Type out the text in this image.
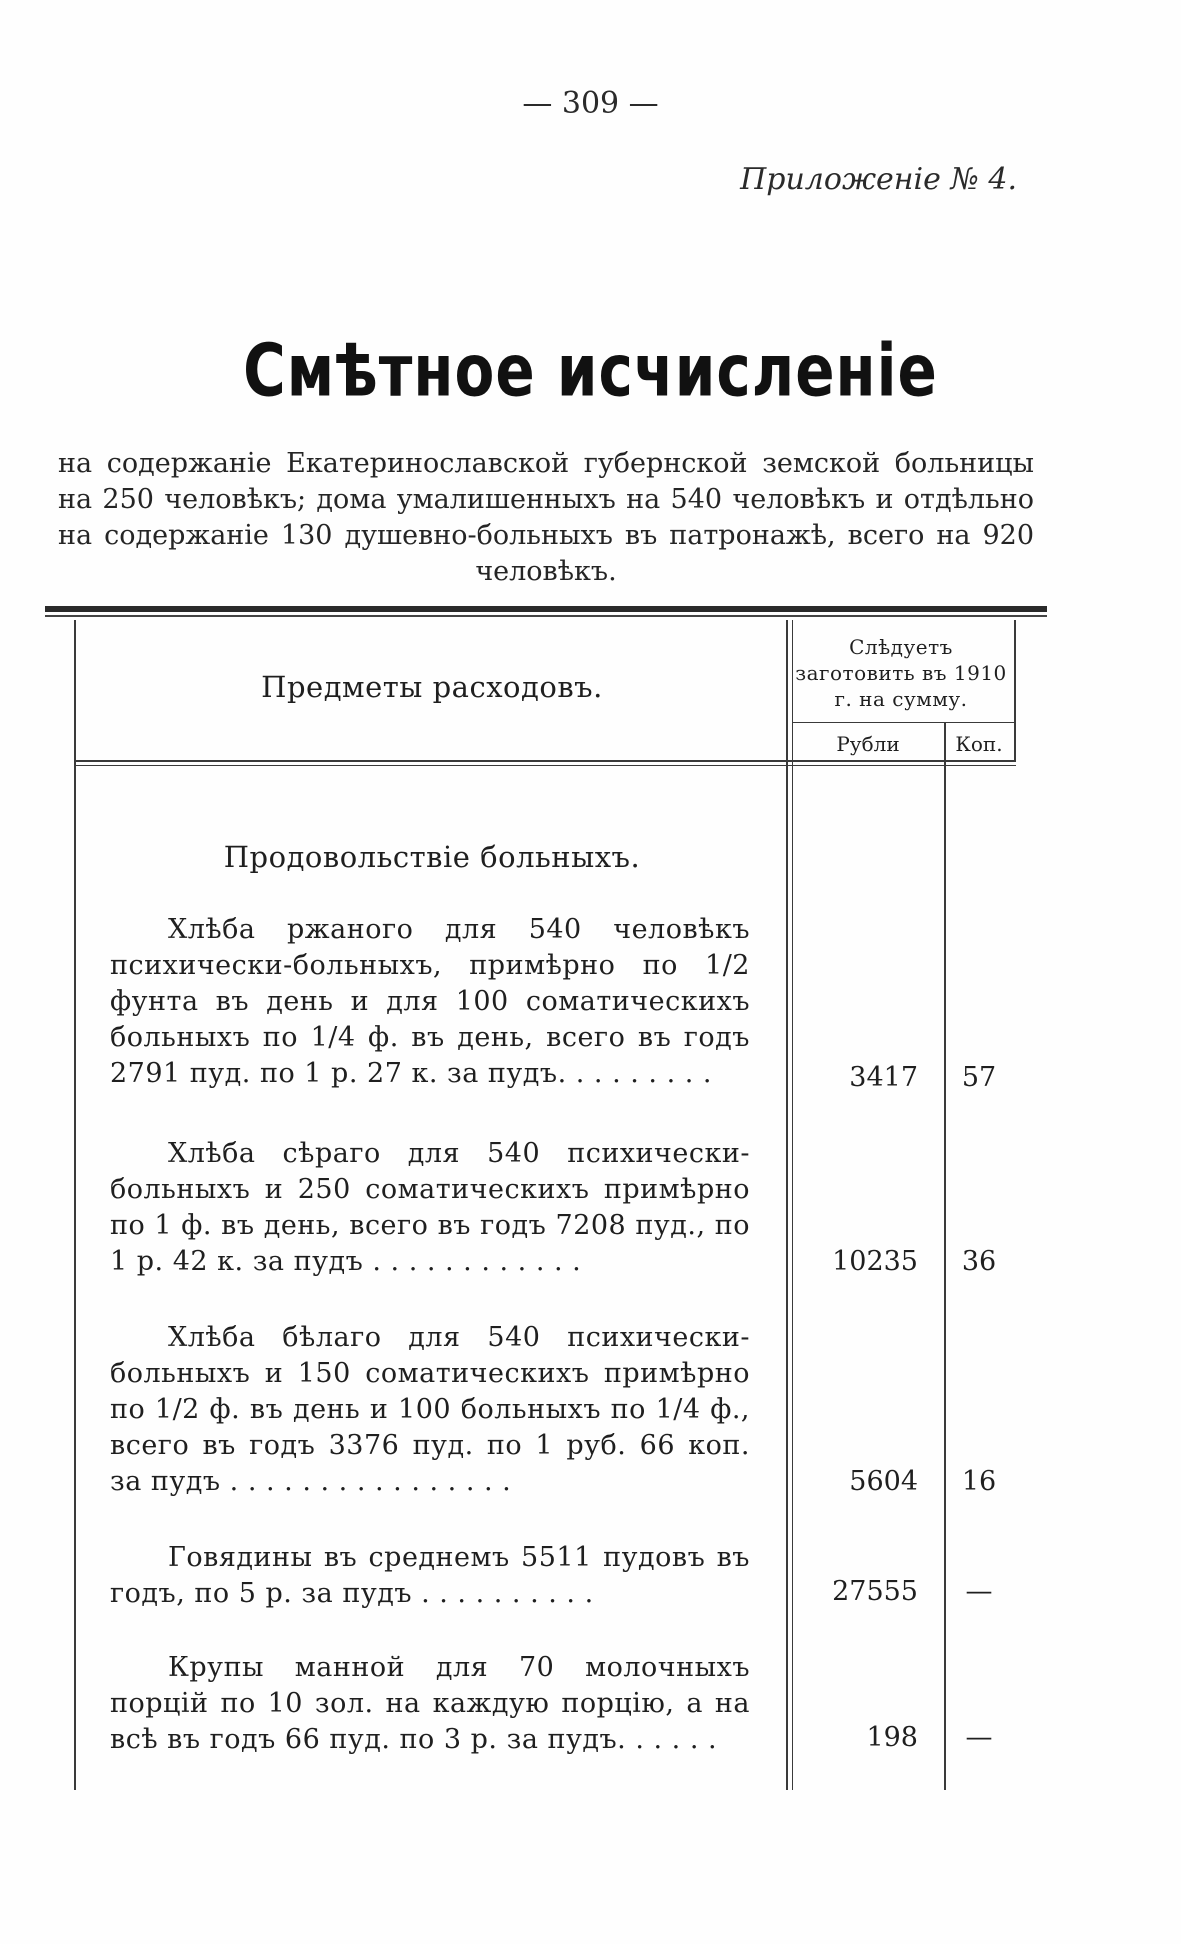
— 309 —
Приложеніе № 4.
Смѣтное исчисленіе
на содержаніе Екатеринославской губернской земской больницы на 250 человѣкъ; дома умалишенныхъ на 540 человѣкъ и отдѣльно на содержаніе 130 душевно-больныхъ въ патронажѣ, всего на 920 человѣкъ.
Предметы расходовъ.
Слѣдуетъ заготовить въ 1910 г. на сумму.
Рубли	Коп.
Продовольствіе больныхъ.
Хлѣба ржаного для 540 человѣкъ психически-больныхъ, примѣрно по 1/2 фунта въ день и для 100 соматическихъ больныхъ по 1/4 ф. въ день, всего въ годъ 2791 пуд. по 1 р. 27 к. за пудъ. . . . . . . . .	3417	57
Хлѣба сѣраго для 540 психически-больныхъ и 250 соматическихъ примѣрно по 1 ф. въ день, всего въ годъ 7208 пуд., по 1 р. 42 к. за пудъ . . . . . . . . . . . .	10235	36
Хлѣба бѣлаго для 540 психически-больныхъ и 150 соматическихъ примѣрно по 1/2 ф. въ день и 100 больныхъ по 1/4 ф., всего въ годъ 3376 пуд. по 1 руб. 66 коп. за пудъ . . . . . . . . . . . . . . . .	5604	16
Говядины въ среднемъ 5511 пудовъ въ годъ, по 5 р. за пудъ . . . . . . . . . .	27555	—
Крупы манной для 70 молочныхъ порцій по 10 зол. на каждую порцію, а на всѣ въ годъ 66 пуд. по 3 р. за пудъ. . . . . .	198	—
